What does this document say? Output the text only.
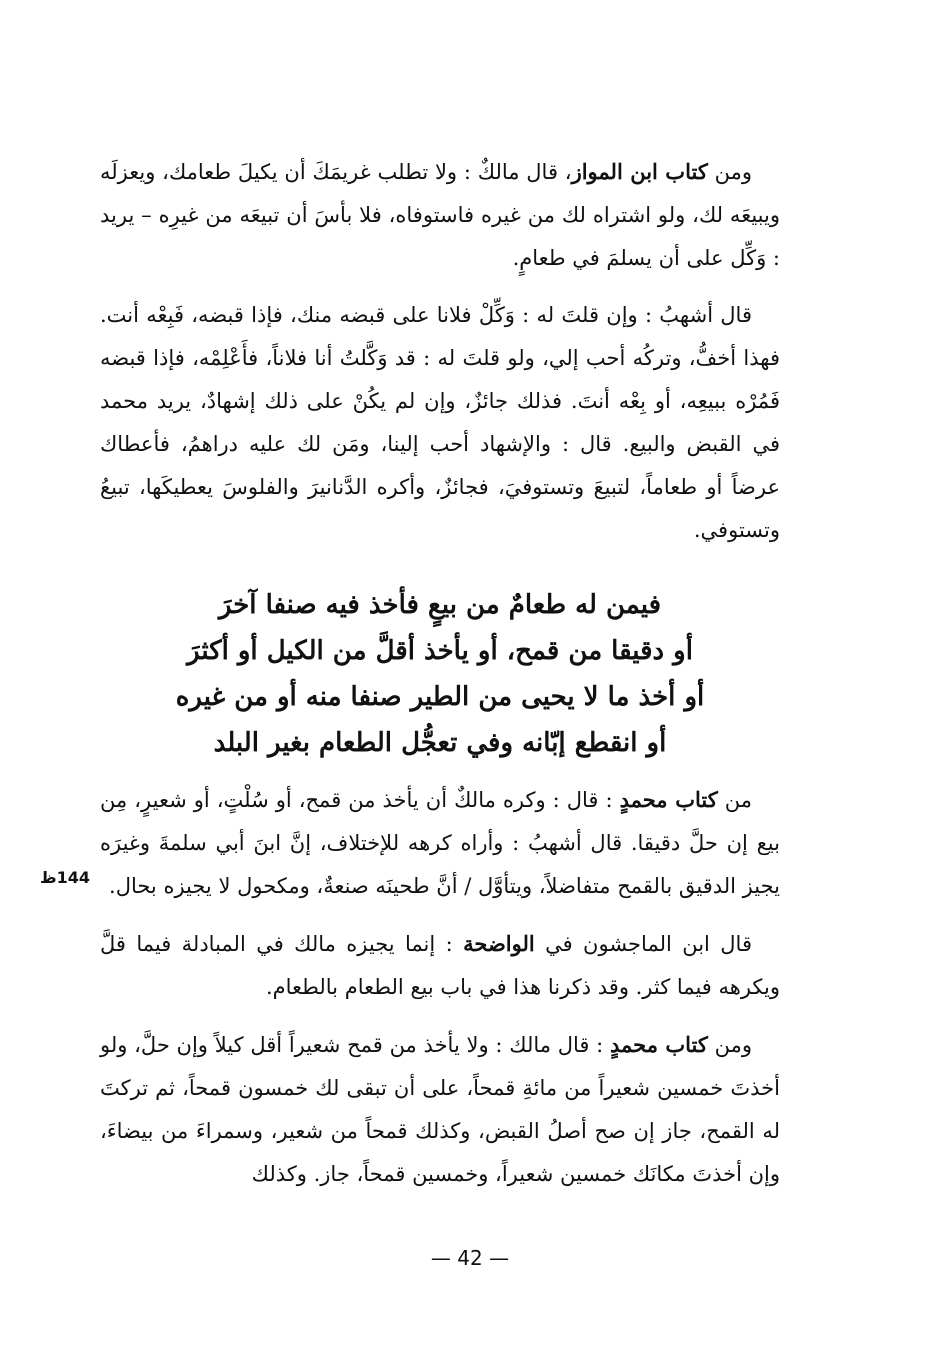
ومن كتاب ابن المواز، قال مالكٌ : ولا تطلب غريمَكَ أن يكيلَ طعامك، ويعزلَه ويبيعَه لك، ولو اشتراه لك من غيره فاستوفاه، فلا بأسَ أن تبيعَه من غيرِه – يريد : وَكِّل على أن يسلمَ في طعامٍ.
قال أشهبُ : وإن قلتَ له : وَكِّلْ فلانا على قبضه منك، فإذا قبضه، فَبِعْه أنت. فهذا أخفُّ، وتركُه أحب إلي، ولو قلتَ له : قد وَكَّلتُ أنا فلاناً، فأَعْلِمْه، فإذا قبضه فَمُرْه ببيعِه، أو بِعْه أنتَ. فذلك جائزٌ، وإن لم يكُنْ على ذلك إشهادٌ، يريد محمد في القبض والبيع. قال : والإشهاد أحب إلينا، ومَن لك عليه دراهمُ، فأعطاك عرضاً أو طعاماً، لتبيعَ وتستوفيَ، فجائزٌ، وأكره الدَّنانيرَ والفلوسَ يعطيكَها، تبيعُ وتستوفي.
فيمن له طعامٌ من بيعٍ فأخذ فيه صنفا آخرَ
أو دقيقا من قمح، أو يأخذ أقلَّ من الكيل أو أكثرَ
أو أخذ ما لا يحيى من الطير صنفا منه أو من غيره
أو انقطع إبّانه وفي تعجُّل الطعام بغير البلد
من كتاب محمدٍ : قال : وكره مالكٌ أن يأخذ من قمح، أو سُلْتٍ، أو شعيرٍ، مِن بيع إن حلَّ دقيقا. قال أشهبُ : وأراه كرهه للإختلاف، إنَّ ابنَ أبي سلمةَ وغيرَه يجيز الدقيق بالقمح متفاضلاً، ويتأوَّل / أنَّ طحينَه صنعةٌ، ومكحول لا يجيزه بحال.
قال ابن الماجشون في الواضحة : إنما يجيزه مالك في المبادلة فيما قلَّ ويكرهه فيما كثر. وقد ذكرنا هذا في باب بيع الطعام بالطعام.
ومن كتاب محمدٍ : قال مالك : ولا يأخذ من قمح شعيراً أقل كيلاً وإن حلَّ، ولو أخذتَ خمسين شعيراً من مائةِ قمحاً، على أن تبقى لك خمسون قمحاً، ثم تركتَ له القمح، جاز إن صح أصلُ القبض، وكذلك قمحاً من شعير، وسمراءَ من بيضاءَ، وإن أخذتَ مكانَك خمسين شعيراً، وخمسين قمحاً، جاز. وكذلك
144ظ
— 42 —
